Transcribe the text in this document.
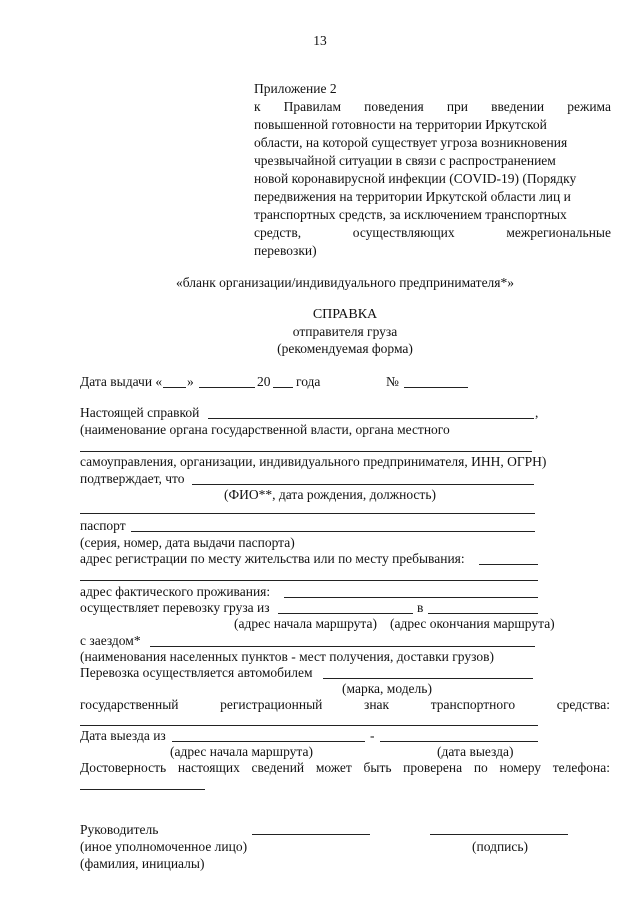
13
Приложение 2
к Правилам поведения при введении режима
повышенной готовности на территории Иркутской
области, на которой существует угроза возникновения
чрезвычайной ситуации в связи с распространением
новой коронавирусной инфекции (COVID-19) (Порядку
передвижения на территории Иркутской области лиц и
транспортных средств, за исключением транспортных
средств,	осуществляющих	межрегиональные
перевозки)
«бланк организации/индивидуального предпринимателя*»
СПРАВКА
отправителя груза
(рекомендуемая форма)
Дата выдачи « »	20 года	№
Настоящей справкой	,
(наименование органа государственной власти, органа местного
самоуправления, организации, индивидуального предпринимателя, ИНН, ОГРН)
подтверждает, что
(ФИО**, дата рождения, должность)
паспорт
(серия, номер, дата выдачи паспорта)
адрес регистрации по месту жительства или по месту пребывания:
адрес фактического проживания:
осуществляет перевозку груза из	в
(адрес начала маршрута) (адрес окончания маршрута)
с заездом*
(наименования населенных пунктов - мест получения, доставки грузов)
Перевозка осуществляется автомобилем
(марка, модель)
государственный	регистрационный	знак	транспортного	средства:
Дата выезда из	-
(адрес начала маршрута)	(дата выезда)
Достоверность настоящих сведений может быть проверена по номеру телефона:
Руководитель
(иное уполномоченное лицо)	(подпись)
(фамилия, инициалы)
